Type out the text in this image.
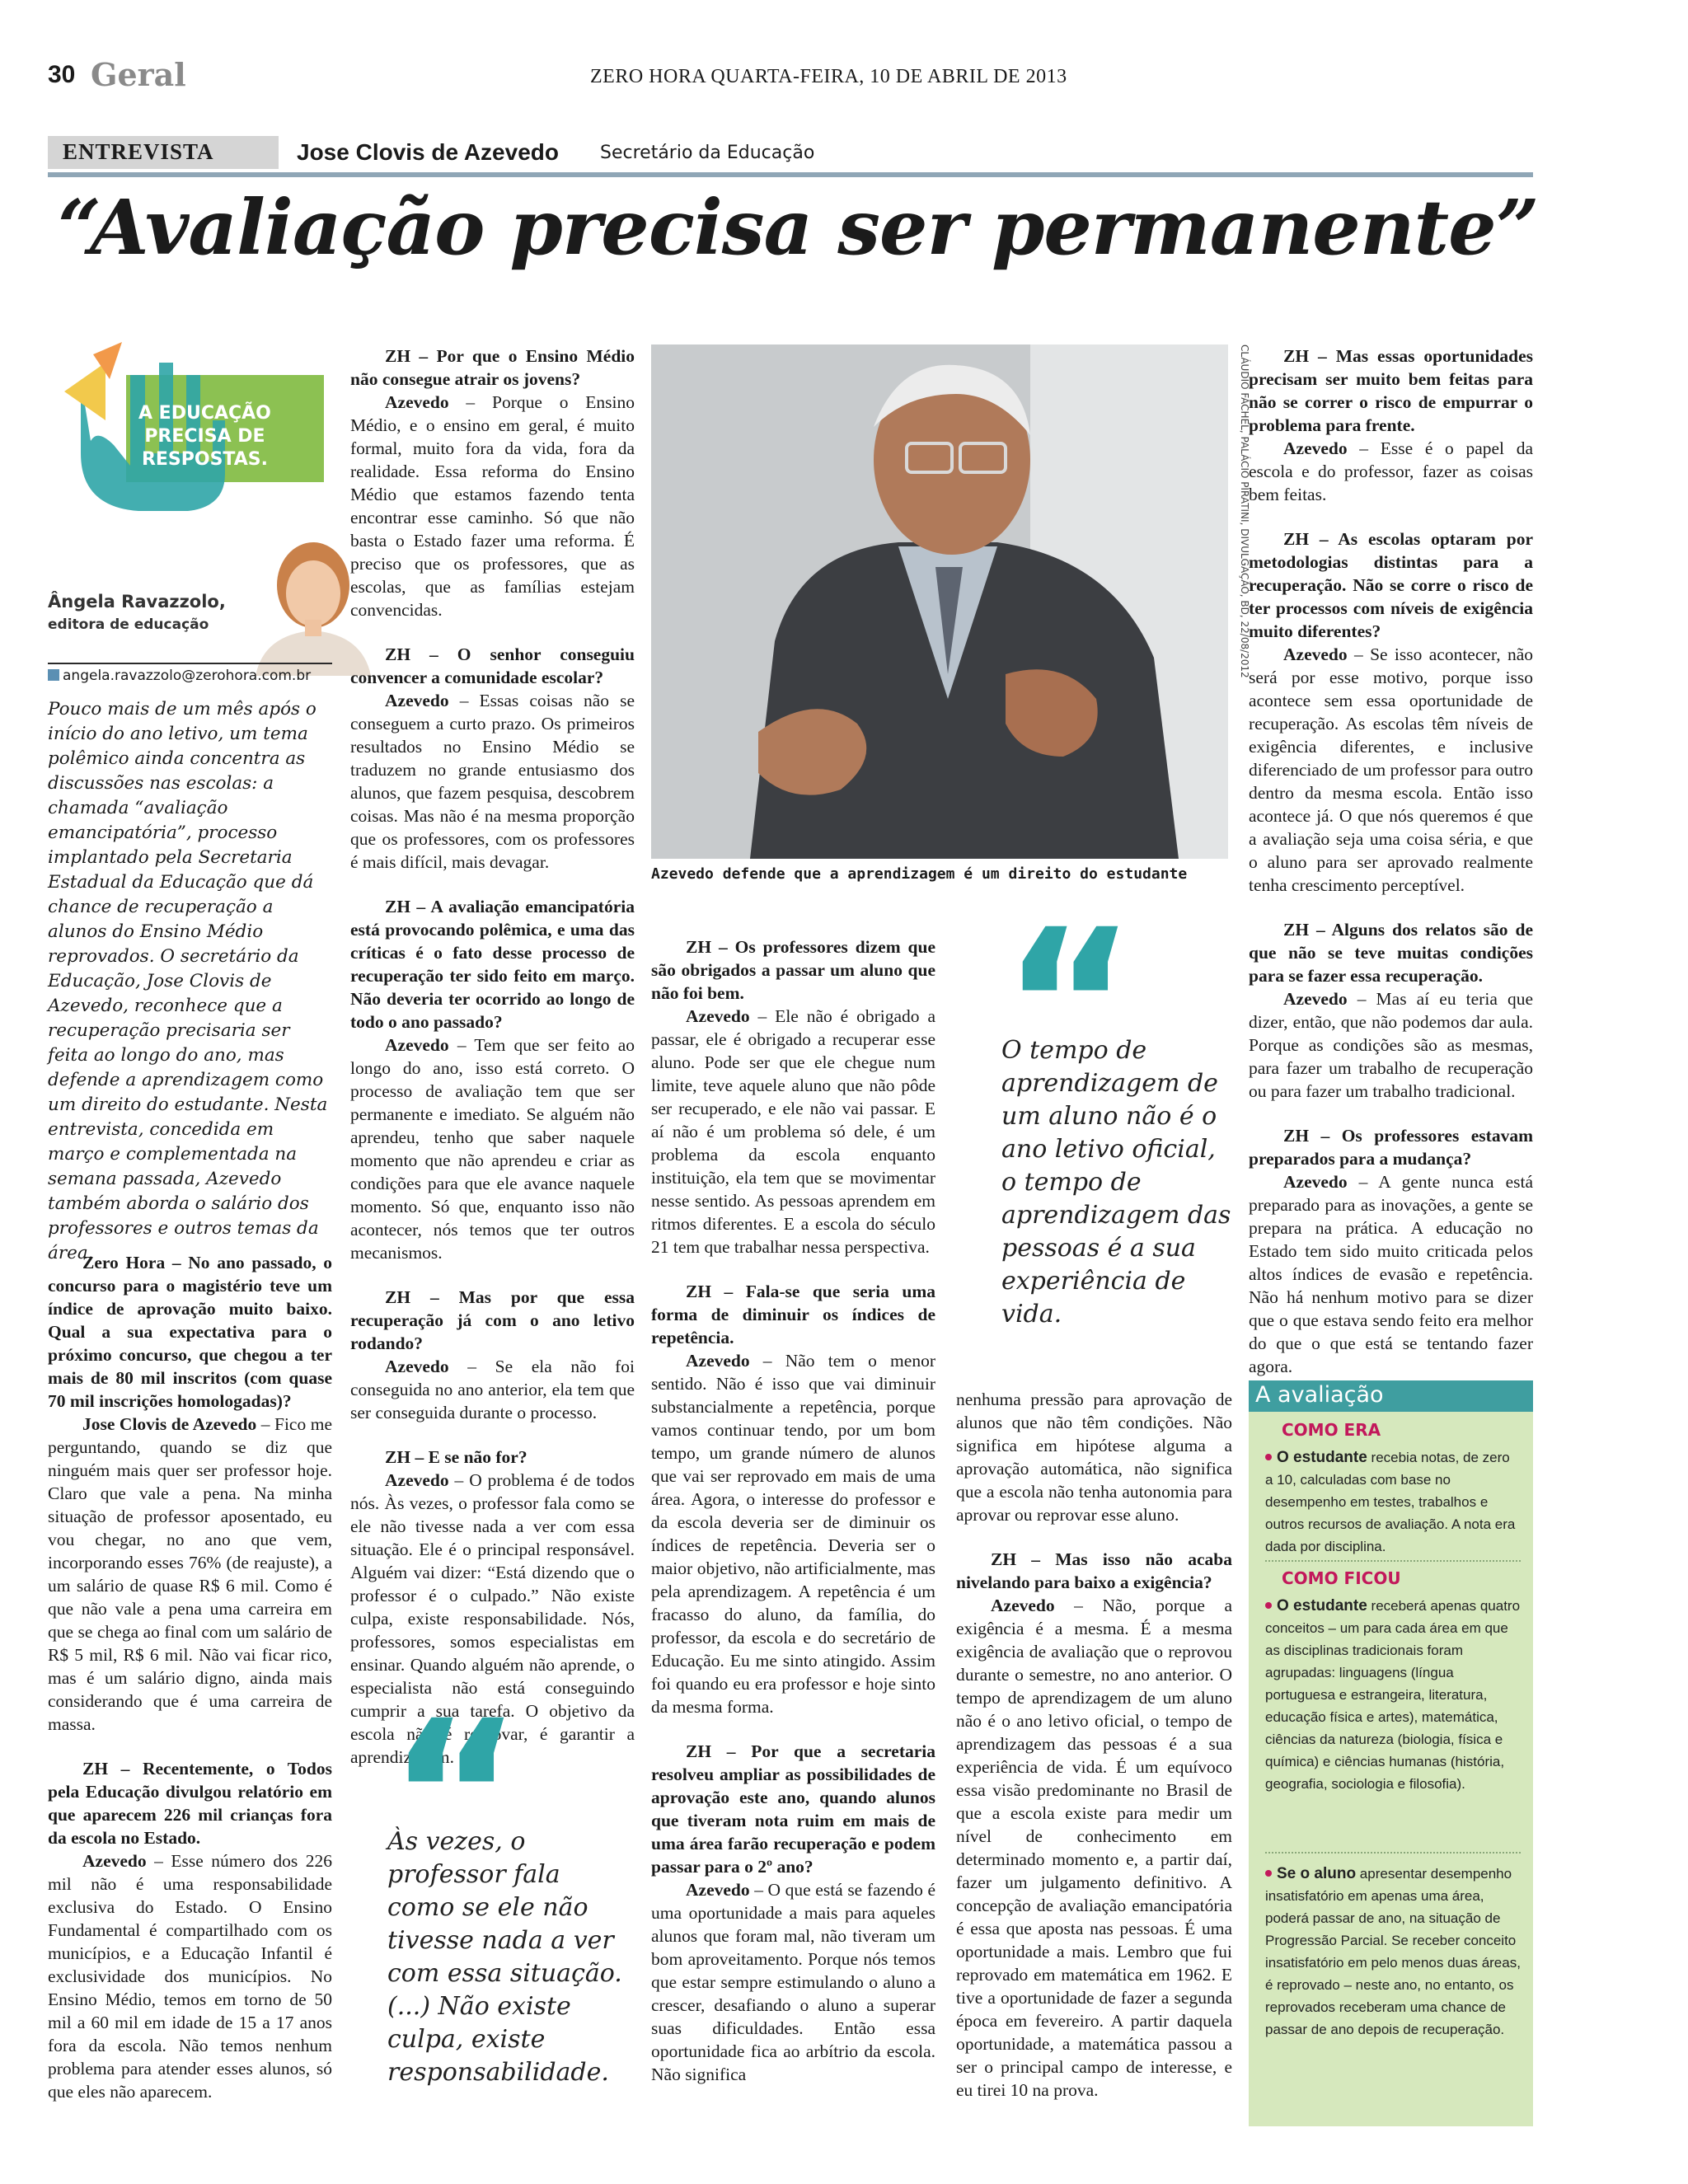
30 Geral	ZERO HORA QUARTA-FEIRA, 10 DE ABRIL DE 2013
ENTREVISTA	Jose Clovis de Azevedo Secretário da Educação
“Avaliação precisa ser permanente”
A EDUCAÇÃO
PRECISA DE
RESPOSTAS.
Ângela Ravazzolo,
editora de educação
angela.ravazzolo@zerohora.com.br
Pouco mais de um mês após o início do ano letivo, um tema polêmico ainda concentra as discussões nas escolas: a chamada “avaliação emancipatória”, processo implantado pela Secretaria Estadual da Educação que dá chance de recuperação a alunos do Ensino Médio reprovados. O secretário da Educação, Jose Clovis de Azevedo, reconhece que a recuperação precisaria ser feita ao longo do ano, mas defende a aprendizagem como um direito do estudante. Nesta entrevista, concedida em março e complementada na semana passada, Azevedo também aborda o salário dos professores e outros temas da área.

Zero Hora – No ano passado, o concurso para o magistério teve um índice de aprovação muito baixo. Qual a sua expectativa para o próximo concurso, que chegou a ter mais de 80 mil inscritos (com quase 70 mil inscrições homologadas)?

Jose Clovis de Azevedo – Fico me perguntando, quando se diz que ninguém mais quer ser professor hoje. Claro que vale a pena. Na minha situação de professor aposentado, eu vou chegar, no ano que vem, incorporando esses 76% (de reajuste), a um salário de quase R$ 6 mil. Como é que não vale a pena uma carreira em que se chega ao final com um salário de R$ 5 mil, R$ 6 mil. Não vai ficar rico, mas é um salário digno, ainda mais considerando que é uma carreira de massa.

ZH – Recentemente, o Todos pela Educação divulgou relatório em que aparecem 226 mil crianças fora da escola no Estado.

Azevedo – Esse número dos 226 mil não é uma responsabilidade exclusiva do Estado. O Ensino Fundamental é compartilhado com os municípios, e a Educação Infantil é exclusividade dos municípios. No Ensino Médio, temos em torno de 50 mil a 60 mil em idade de 15 a 17 anos fora da escola. Não temos nenhum problema para atender esses alunos, só que eles não aparecem.

ZH – Por que o Ensino Médio não consegue atrair os jovens?

Azevedo – Porque o Ensino Médio, e o ensino em geral, é muito formal, muito fora da vida, fora da realidade. Essa reforma do Ensino Médio que estamos fazendo tenta encontrar esse caminho. Só que não basta o Estado fazer uma reforma. É preciso que os professores, que as escolas, que as famílias estejam convencidas.

ZH – O senhor conseguiu convencer a comunidade escolar?

Azevedo – Essas coisas não se conseguem a curto prazo. Os primeiros resultados no Ensino Médio se traduzem no grande entusiasmo dos alunos, que fazem pesquisa, descobrem coisas. Mas não é na mesma proporção que os professores, com os professores é mais difícil, mais devagar.

ZH – A avaliação emancipatória está provocando polêmica, e uma das críticas é o fato desse processo de recuperação ter sido feito em março. Não deveria ter ocorrido ao longo de todo o ano passado?

Azevedo – Tem que ser feito ao longo do ano, isso está correto. O processo de avaliação tem que ser permanente e imediato. Se alguém não aprendeu, tenho que saber naquele momento que não aprendeu e criar as condições para que ele avance naquele momento. Só que, enquanto isso não acontecer, nós temos que ter outros mecanismos.

ZH – Mas por que essa recuperação já com o ano letivo rodando?

Azevedo – Se ela não foi conseguida no ano anterior, ela tem que ser conseguida durante o processo.

ZH – E se não for?

Azevedo – O problema é de todos nós. Às vezes, o professor fala como se ele não tivesse nada a ver com essa situação. Ele é o principal responsável. Alguém vai dizer: “Está dizendo que o professor é o culpado.” Não existe culpa, existe responsabilidade. Nós, professores, somos especialistas em ensinar. Quando alguém não aprende, o especialista não está conseguindo cumprir a sua tarefa. O objetivo da escola não é reprovar, é garantir a aprendizagem.

Às vezes, o professor fala como se ele não tivesse nada a ver com essa situação. (...) Não existe culpa, existe responsabilidade.
CLÁUDIO FACHEL, PALÁCIO PIRATINI, DIVULGAÇÃO, BD, 22/08/2012
Azevedo defende que a aprendizagem é um direito do estudante

ZH – Os professores dizem que são obrigados a passar um aluno que não foi bem.

Azevedo – Ele não é obrigado a passar, ele é obrigado a recuperar esse aluno. Pode ser que ele chegue num limite, teve aquele aluno que não pôde ser recuperado, e ele não vai passar. E aí não é um problema só dele, é um problema da escola enquanto instituição, ela tem que se movimentar nesse sentido. As pessoas aprendem em ritmos diferentes. E a escola do século 21 tem que trabalhar nessa perspectiva.

ZH – Fala-se que seria uma forma de diminuir os índices de repetência.

Azevedo – Não tem o menor sentido. Não é isso que vai diminuir substancialmente a repetência, porque vamos continuar tendo, por um bom tempo, um grande número de alunos que vai ser reprovado em mais de uma área. Agora, o interesse do professor e da escola deveria ser de diminuir os índices de repetência. Deveria ser o maior objetivo, não artificialmente, mas pela aprendizagem. A repetência é um fracasso do aluno, da família, do professor, da escola e do secretário de Educação. Eu me sinto atingido. Assim foi quando eu era professor e hoje sinto da mesma forma.

ZH – Por que a secretaria resolveu ampliar as possibilidades de aprovação este ano, quando alunos que tiveram nota ruim em mais de uma área farão recuperação e podem passar para o 2º ano?

Azevedo – O que está se fazendo é uma oportunidade a mais para aqueles alunos que foram mal, não tiveram um bom aproveitamento. Porque nós temos que estar sempre estimulando o aluno a crescer, desafiando o aluno a superar suas dificuldades. Então essa oportunidade fica ao arbítrio da escola. Não significa

O tempo de aprendizagem de um aluno não é o ano letivo oficial, o tempo de aprendizagem das pessoas é a sua experiência de vida.

nenhuma pressão para aprovação de alunos que não têm condições. Não significa em hipótese alguma a aprovação automática, não significa que a escola não tenha autonomia para aprovar ou reprovar esse aluno.

ZH – Mas isso não acaba nivelando para baixo a exigência?

Azevedo – Não, porque a exigência é a mesma. É a mesma exigência de avaliação que o reprovou durante o semestre, no ano anterior. O tempo de aprendizagem de um aluno não é o ano letivo oficial, o tempo de aprendizagem das pessoas é a sua experiência de vida. É um equívoco essa visão predominante no Brasil de que a escola existe para medir um nível de conhecimento em determinado momento e, a partir daí, fazer um julgamento definitivo. A concepção de avaliação emancipatória é essa que aposta nas pessoas. É uma oportunidade a mais. Lembro que fui reprovado em matemática em 1962. E tive a oportunidade de fazer a segunda época em fevereiro. A partir daquela oportunidade, a matemática passou a ser o principal campo de interesse, e eu tirei 10 na prova.

ZH – Mas essas oportunidades precisam ser muito bem feitas para não se correr o risco de empurrar o problema para frente.

Azevedo – Esse é o papel da escola e do professor, fazer as coisas bem feitas.

ZH – As escolas optaram por metodologias distintas para a recuperação. Não se corre o risco de ter processos com níveis de exigência muito diferentes?

Azevedo – Se isso acontecer, não será por esse motivo, porque isso acontece sem essa oportunidade de recuperação. As escolas têm níveis de exigência diferentes, e inclusive diferenciado de um professor para outro dentro da mesma escola. Então isso acontece já. O que nós queremos é que a avaliação seja uma coisa séria, e que o aluno para ser aprovado realmente tenha crescimento perceptível.

ZH – Alguns dos relatos são de que não se teve muitas condições para se fazer essa recuperação.

Azevedo – Mas aí eu teria que dizer, então, que não podemos dar aula. Porque as condições são as mesmas, para fazer um trabalho de recuperação ou para fazer um trabalho tradicional.

ZH – Os professores estavam preparados para a mudança?

Azevedo – A gente nunca está preparado para as inovações, a gente se prepara na prática. A educação no Estado tem sido muito criticada pelos altos índices de evasão e repetência. Não há nenhum motivo para se dizer que o que estava sendo feito era melhor do que o que está se tentando fazer agora.

A avaliação
COMO ERA
O estudante recebia notas, de zero a 10, calculadas com base no desempenho em testes, trabalhos e outros recursos de avaliação. A nota era dada por disciplina.
COMO FICOU
O estudante receberá apenas quatro conceitos – um para cada área em que as disciplinas tradicionais foram agrupadas: linguagens (língua portuguesa e estrangeira, literatura, educação física e artes), matemática, ciências da natureza (biologia, física e química) e ciências humanas (história, geografia, sociologia e filosofia).
Se o aluno apresentar desempenho insatisfatório em apenas uma área, poderá passar de ano, na situação de Progressão Parcial. Se receber conceito insatisfatório em pelo menos duas áreas, é reprovado – neste ano, no entanto, os reprovados receberam uma chance de passar de ano depois de recuperação.
